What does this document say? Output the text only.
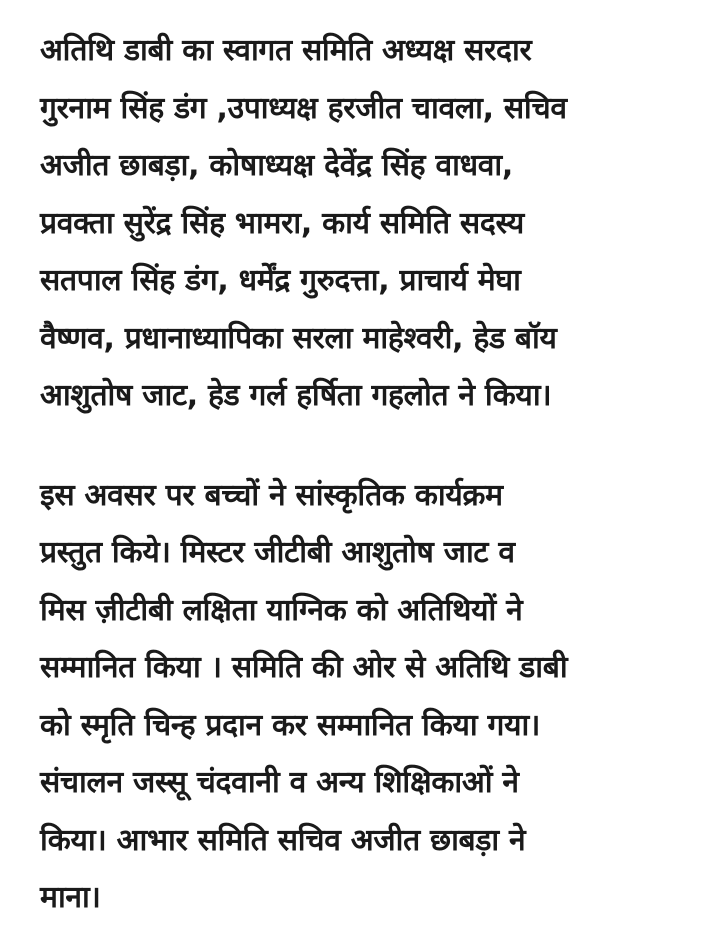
अतिथि डाबी का स्वागत समिति अध्यक्ष सरदार
गुरनाम सिंह डंग ,उपाध्यक्ष हरजीत चावला, सचिव
अजीत छाबड़ा, कोषाध्यक्ष देवेंद्र सिंह वाधवा,
प्रवक्ता सुरेंद्र सिंह भामरा, कार्य समिति सदस्य
सतपाल सिंह डंग, धर्मेंद्र गुरुदत्ता, प्राचार्य मेघा
वैष्णव, प्रधानाध्यापिका सरला माहेश्वरी, हेड बॉय
आशुतोष जाट, हेड गर्ल हर्षिता गहलोत ने किया।

इस अवसर पर बच्चों ने सांस्कृतिक कार्यक्रम
प्रस्तुत किये। मिस्टर जीटीबी आशुतोष जाट व
मिस ज़ीटीबी लक्षिता याग्निक को अतिथियों ने
सम्मानित किया । समिति की ओर से अतिथि डाबी
को स्मृति चिन्ह प्रदान कर सम्मानित किया गया।
संचालन जस्सू चंदवानी व अन्य शिक्षिकाओं ने
किया। आभार समिति सचिव अजीत छाबड़ा ने
माना।
